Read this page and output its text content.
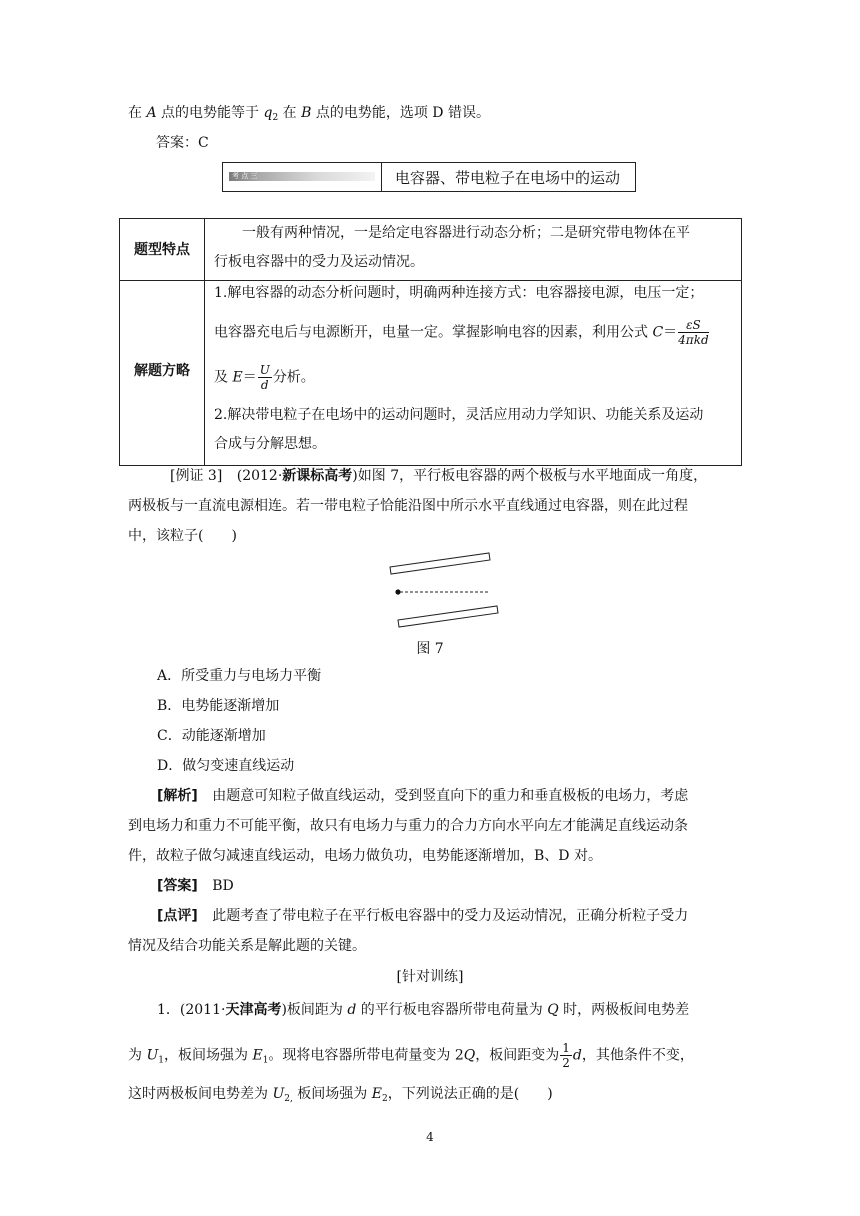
在 A 点的电势能等于 $q_2$ 在 B 点的电势能，选项 D 错误。
答案：C
考 点 三	电容器、带电粒子在电场中的运动
题型特点
一般有两种情况，一是给定电容器进行动态分析；二是研究带电物体在平
行板电容器中的受力及运动情况。
解题方略
1.解电容器的动态分析问题时，明确两种连接方式：电容器接电源，电压一定；
电容器充电后与电源断开，电量一定。掌握影响电容的因素，利用公式 $C= \frac{\varepsilon S}{\text{4πkd}}$
及 $E= \frac{U}{d}$ 分析。
2.解决带电粒子在电场中的运动问题时，灵活应用动力学知识、功能关系及运动
合成与分解思想。
[例证 3] (2012·新课标高考)如图 7，平行板电容器的两个极板与水平地面成一角度，
两极板与一直流电源相连。若一带电粒子恰能沿图中所示水平直线通过电容器，则在此过程
中，该粒子(　　)
图 7
A．所受重力与电场力平衡
B．电势能逐渐增加
C．动能逐渐增加
D．做匀变速直线运动
[解析] 由题意可知粒子做直线运动，受到竖直向下的重力和垂直极板的电场力，考虑
到电场力和重力不可能平衡，故只有电场力与重力的合力方向水平向左才能满足直线运动条
件，故粒子做匀减速直线运动，电场力做负功，电势能逐渐增加，B、D 对。
[答案] BD
[点评] 此题考查了带电粒子在平行板电容器中的受力及运动情况，正确分析粒子受力
情况及结合功能关系是解此题的关键。
[针对训练]
1．(2011·天津高考)板间距为 d 的平行板电容器所带电荷量为 Q 时，两极板间电势差
为 $U_1$，板间场强为 $E_1$。现将电容器所带电荷量变为 2Q，板间距变为 $\frac{1}{2}$ d，其他条件不变，
这时两极板间电势差为 $U_{2,}$ 板间场强为 $E_2$，下列说法正确的是(　　)
4
